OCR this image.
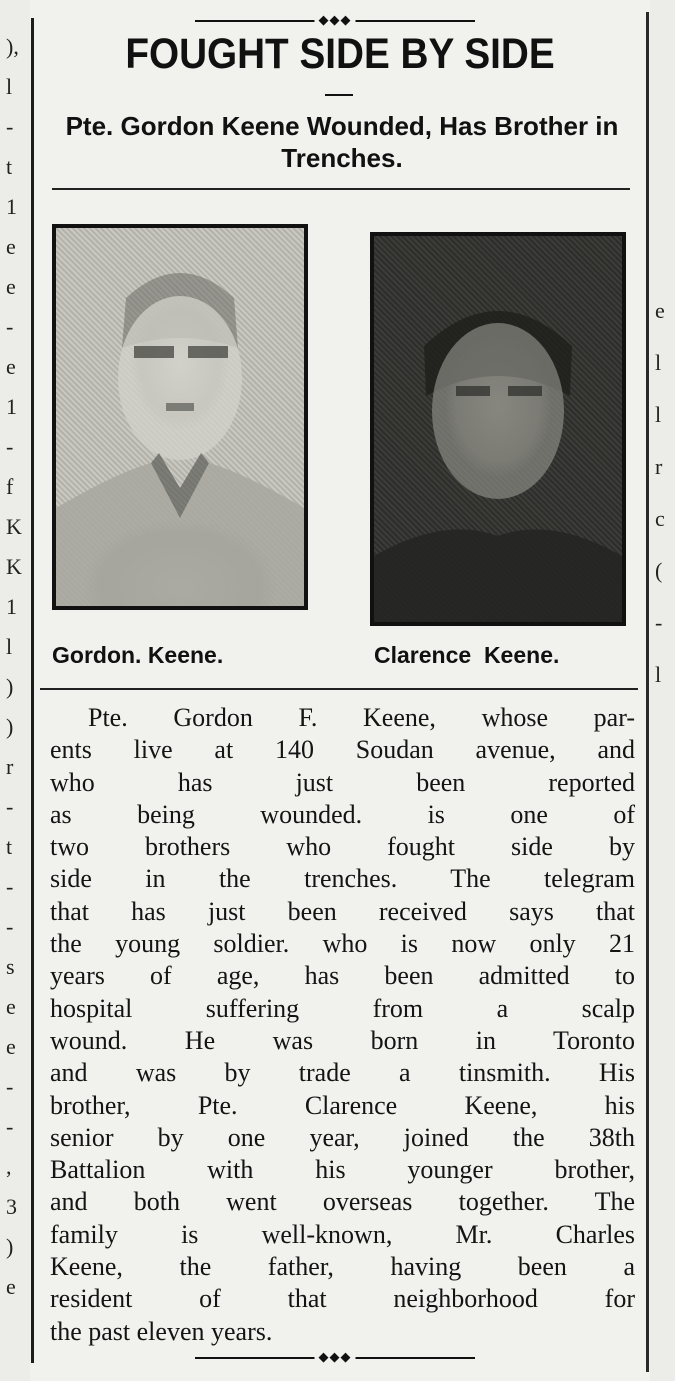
),
l
-
t
1
e
e
-
e
1
-
f
K
K
1
l
)
)
r
-
t
-
-
s
e
e
-
-
,
3
)
e
e
l
l
r
c
(
-
l
◆◆◆
FOUGHT SIDE BY SIDE
Pte. Gordon Keene Wounded, Has Brother in Trenches.
Gordon. Keene.	Clarence  Keene.
Pte. Gordon F. Keene, whose par-
ents live at 140 Soudan avenue, and
who has just been reported
as being wounded. is one of
two brothers who fought side by
side in the trenches. The telegram
that has just been received says that
the young soldier. who is now only 21
years of age, has been admitted to
hospital suffering from a scalp
wound. He was born in Toronto
and was by trade a tinsmith. His
brother, Pte. Clarence Keene, his
senior by one year, joined the 38th
Battalion with his younger brother,
and both went overseas together. The
family is well-known, Mr. Charles
Keene, the father, having been a
resident of that neighborhood for
the past eleven years.
◆◆◆
